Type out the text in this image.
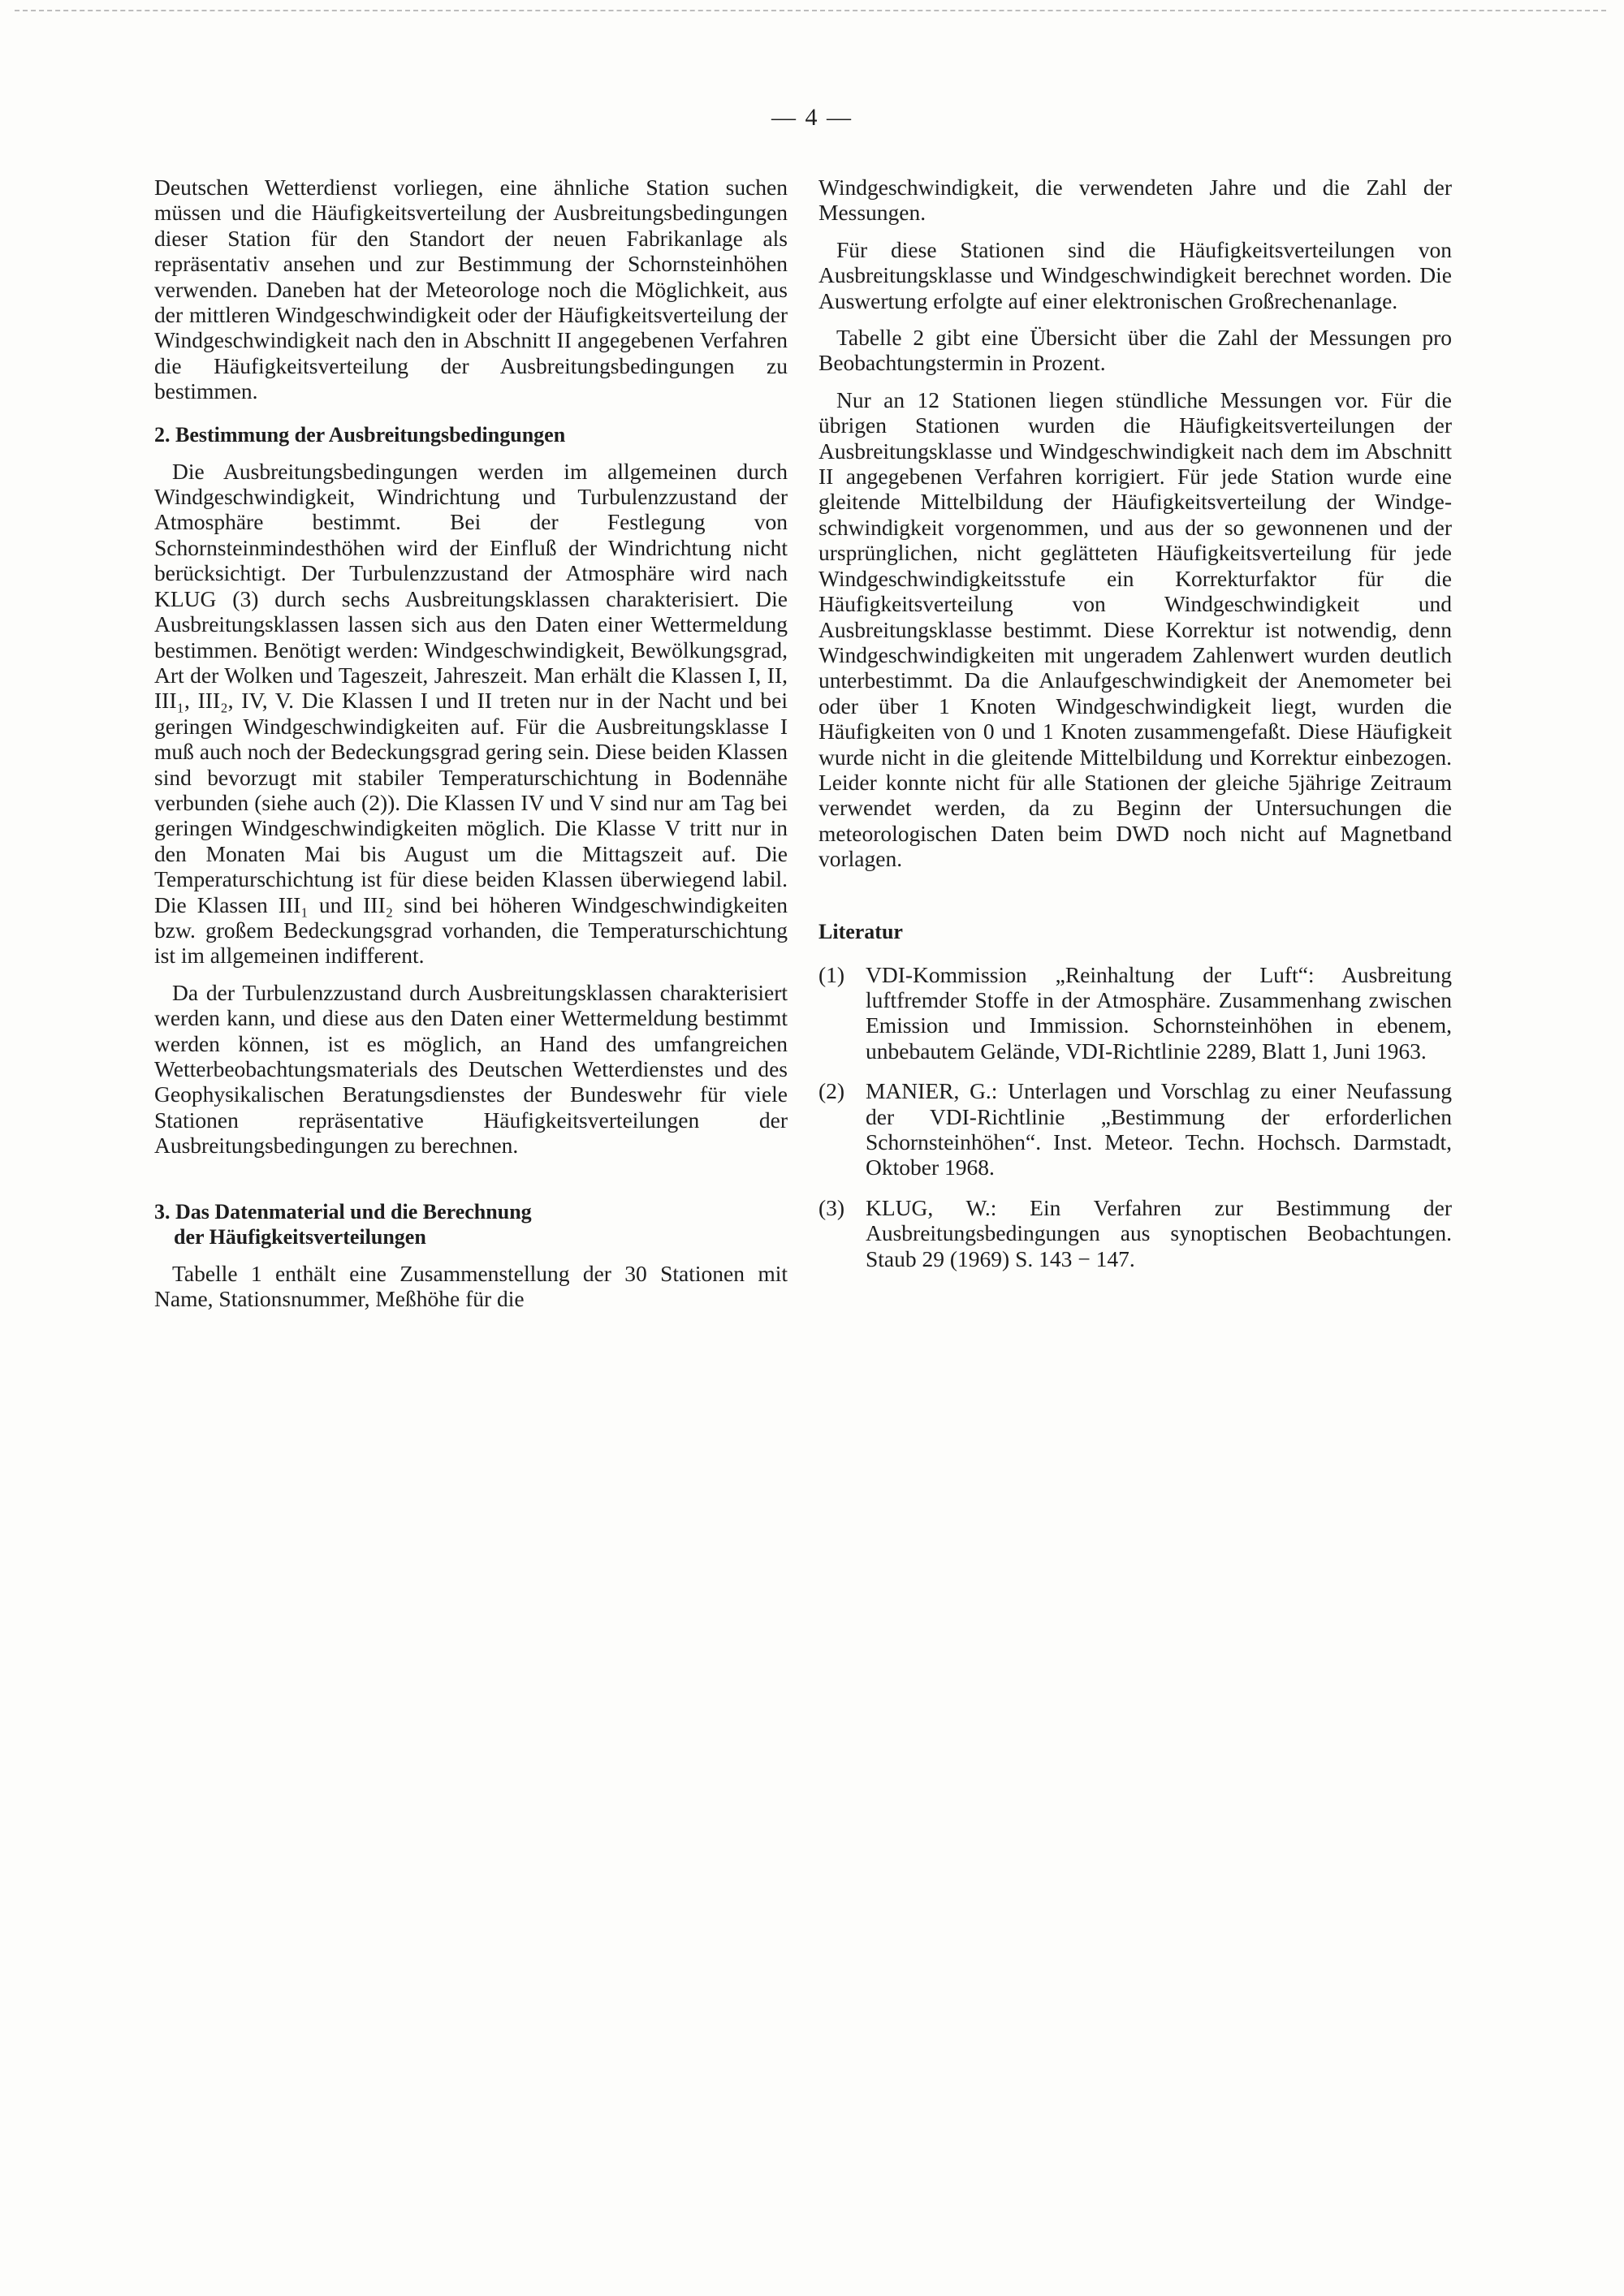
— 4 —

Deutschen Wetterdienst vorliegen, eine ähnliche Station suchen müssen und die Häufigkeitsverteilung der Ausbreitungsbedingungen dieser Station für den Standort der neuen Fabrikanlage als repräsentativ ansehen und zur Bestimmung der Schornsteinhöhen verwenden. Daneben hat der Meteorologe noch die Möglichkeit, aus der mittleren Windgeschwindigkeit oder der Häufigkeitsverteilung der Windgeschwindigkeit nach den in Abschnitt II angegebenen Verfahren die Häufigkeitsverteilung der Ausbreitungsbedingungen zu bestimmen.

2. Bestimmung der Ausbreitungsbedingungen

Die Ausbreitungsbedingungen werden im allgemeinen durch Windgeschwindigkeit, Windrichtung und Turbulenzzustand der Atmosphäre bestimmt. Bei der Festlegung von Schornsteinmindesthöhen wird der Einfluß der Windrichtung nicht berücksichtigt. Der Turbulenzzustand der Atmosphäre wird nach KLUG (3) durch sechs Ausbreitungsklassen charakterisiert. Die Ausbreitungsklassen lassen sich aus den Daten einer Wettermeldung bestimmen. Benötigt werden: Windgeschwindigkeit, Bewölkungsgrad, Art der Wolken und Tageszeit, Jahreszeit. Man erhält die Klassen I, II, III₁, III₂, IV, V. Die Klassen I und II treten nur in der Nacht und bei geringen Windgeschwindigkeiten auf. Für die Ausbreitungsklasse I muß auch noch der Bedeckungsgrad gering sein. Diese beiden Klassen sind bevorzugt mit stabiler Temperaturschichtung in Bodennähe verbunden (siehe auch (2)). Die Klassen IV und V sind nur am Tag bei geringen Windgeschwindigkeiten möglich. Die Klasse V tritt nur in den Monaten Mai bis August um die Mittagszeit auf. Die Temperaturschichtung ist für diese beiden Klassen überwiegend labil. Die Klassen III₁ und III₂ sind bei höheren Windgeschwindigkeiten bzw. großem Bedeckungsgrad vorhanden, die Temperaturschichtung ist im allgemeinen indifferent.

Da der Turbulenzzustand durch Ausbreitungsklassen charakterisiert werden kann, und diese aus den Daten einer Wettermeldung bestimmt werden können, ist es möglich, an Hand des umfangreichen Wetterbeobachtungsmaterials des Deutschen Wetterdienstes und des Geophysikalischen Beratungsdienstes der Bundeswehr für viele Stationen repräsentative Häufigkeitsverteilungen der Ausbreitungsbedingungen zu berechnen.

3. Das Datenmaterial und die Berechnung
der Häufigkeitsverteilungen

Tabelle 1 enthält eine Zusammenstellung der 30 Stationen mit Name, Stationsnummer, Meßhöhe für die

Windgeschwindigkeit, die verwendeten Jahre und die Zahl der Messungen.

Für diese Stationen sind die Häufigkeitsverteilungen von Ausbreitungsklasse und Windgeschwindigkeit berechnet worden. Die Auswertung erfolgte auf einer elektronischen Großrechenanlage.

Tabelle 2 gibt eine Übersicht über die Zahl der Messungen pro Beobachtungstermin in Prozent.

Nur an 12 Stationen liegen stündliche Messungen vor. Für die übrigen Stationen wurden die Häufigkeitsverteilungen der Ausbreitungsklasse und Windgeschwindigkeit nach dem im Abschnitt II angegebenen Verfahren korrigiert. Für jede Station wurde eine gleitende Mittelbildung der Häufigkeitsverteilung der Windgeschwindigkeit vorgenommen, und aus der so gewonnenen und der ursprünglichen, nicht geglätteten Häufigkeitsverteilung für jede Windgeschwindigkeitsstufe ein Korrekturfaktor für die Häufigkeitsverteilung von Windgeschwindigkeit und Ausbreitungsklasse bestimmt. Diese Korrektur ist notwendig, denn Windgeschwindigkeiten mit ungeradem Zahlenwert wurden deutlich unterbestimmt. Da die Anlaufgeschwindigkeit der Anemometer bei oder über 1 Knoten Windgeschwindigkeit liegt, wurden die Häufigkeiten von 0 und 1 Knoten zusammengefaßt. Diese Häufigkeit wurde nicht in die gleitende Mittelbildung und Korrektur einbezogen. Leider konnte nicht für alle Stationen der gleiche 5jährige Zeitraum verwendet werden, da zu Beginn der Untersuchungen die meteorologischen Daten beim DWD noch nicht auf Magnetband vorlagen.

Literatur
(1) VDI-Kommission „Reinhaltung der Luft“: Ausbreitung luftfremder Stoffe in der Atmosphäre. Zusammenhang zwischen Emission und Immission. Schornsteinhöhen in ebenem, unbebautem Gelände, VDI-Richtlinie 2289, Blatt 1, Juni 1963.
(2) MANIER, G.: Unterlagen und Vorschlag zu einer Neufassung der VDI-Richtlinie „Bestimmung der erforderlichen Schornsteinhöhen“. Inst. Meteor. Techn. Hochsch. Darmstadt, Oktober 1968.
(3) KLUG, W.: Ein Verfahren zur Bestimmung der Ausbreitungsbedingungen aus synoptischen Beobachtungen. Staub 29 (1969) S. 143 − 147.
